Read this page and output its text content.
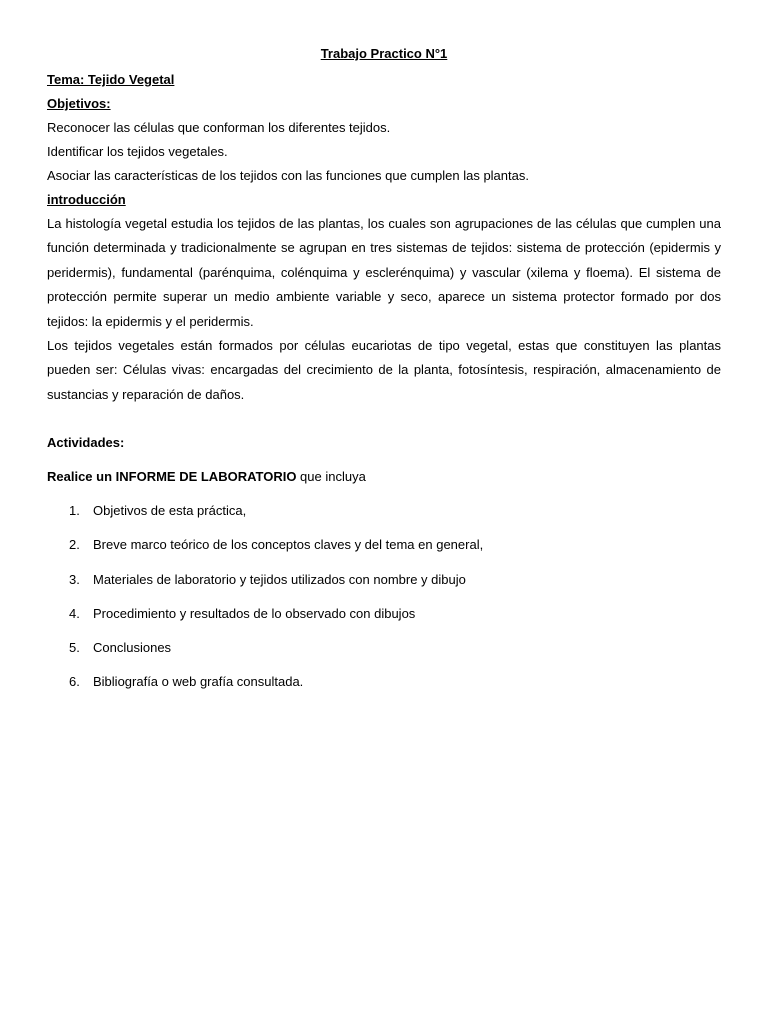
Trabajo Practico N°1

Tema: Tejido Vegetal

Objetivos:

Reconocer las células que conforman los diferentes tejidos.

Identificar los tejidos vegetales.

Asociar las características de los tejidos con las funciones que cumplen las plantas.

introducción

La histología vegetal estudia los tejidos de las plantas, los cuales son agrupaciones de las células que cumplen una función determinada y tradicionalmente se agrupan en tres sistemas de tejidos: sistema de protección (epidermis y peridermis), fundamental (parénquima, colénquima y esclerénquima) y vascular (xilema y floema). El sistema de protección permite superar un medio ambiente variable y seco, aparece un sistema protector formado por dos tejidos: la epidermis y el peridermis.

Los tejidos vegetales están formados por células eucariotas de tipo vegetal, estas que constituyen las plantas pueden ser: Células vivas: encargadas del crecimiento de la planta, fotosíntesis, respiración, almacenamiento de sustancias y reparación de daños.

Actividades:

Realice un INFORME DE LABORATORIO que incluya

1. Objetivos de esta práctica,
2. Breve marco teórico de los conceptos claves y del tema en general,
3. Materiales de laboratorio y tejidos utilizados con nombre y dibujo
4. Procedimiento y resultados de lo observado con dibujos
5. Conclusiones
6. Bibliografía o web grafía consultada.
